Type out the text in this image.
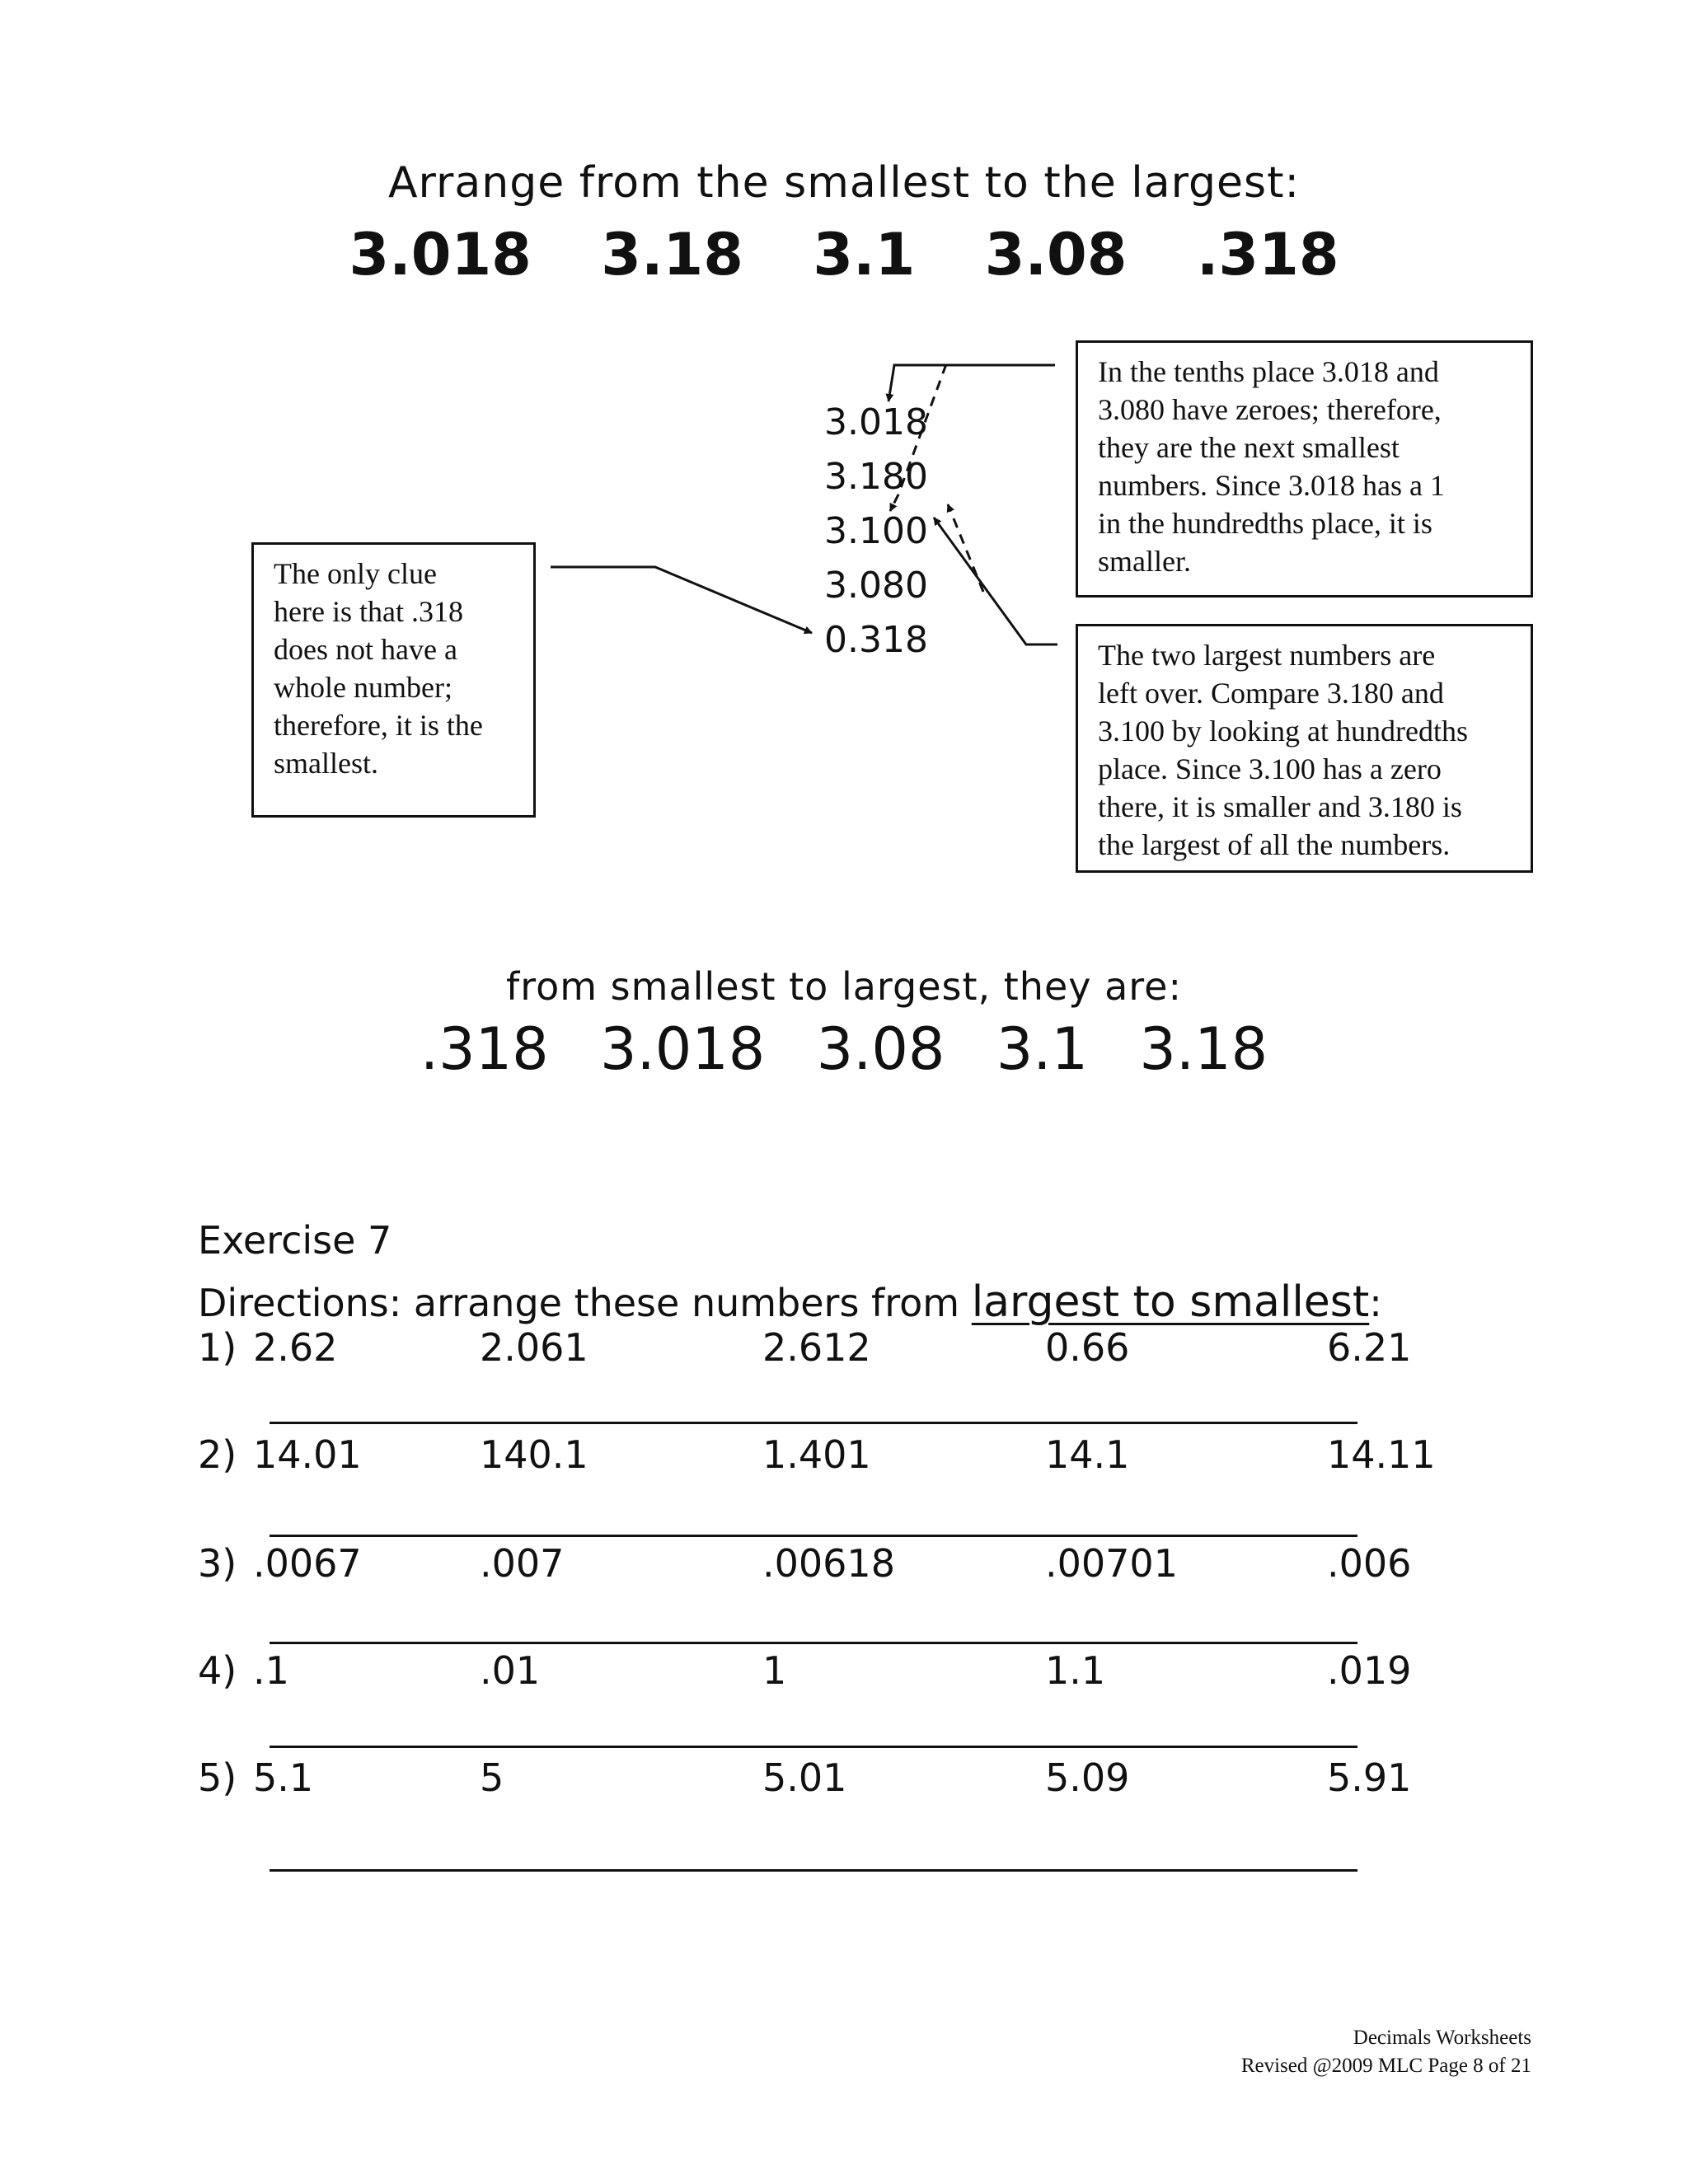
Arrange from the smallest to the largest:
3.018 3.18 3.1 3.08 .318
3.018
3.180
3.100
3.080
0.318
The only clue
here is that .318
does not have a
whole number;
therefore, it is the
smallest.
In the tenths place 3.018 and
3.080 have zeroes; therefore,
they are the next smallest
numbers. Since 3.018 has a 1
in the hundredths place, it is
smaller.
The two largest numbers are
left over. Compare 3.180 and
3.100 by looking at hundredths
place. Since 3.100 has a zero
there, it is smaller and 3.180 is
the largest of all the numbers.
from smallest to largest, they are:
.318 3.018 3.08 3.1 3.18
Exercise 7
Directions: arrange these numbers from largest to smallest:
1) 2.62	2.061	2.612	0.66	6.21
2) 14.01	140.1	1.401	14.1	14.11
3) .0067	.007	.00618	.00701	.006
4) .1	.01	1	1.1	.019
5) 5.1	5	5.01	5.09	5.91
Decimals Worksheets
Revised @2009 MLC Page 8 of 21
